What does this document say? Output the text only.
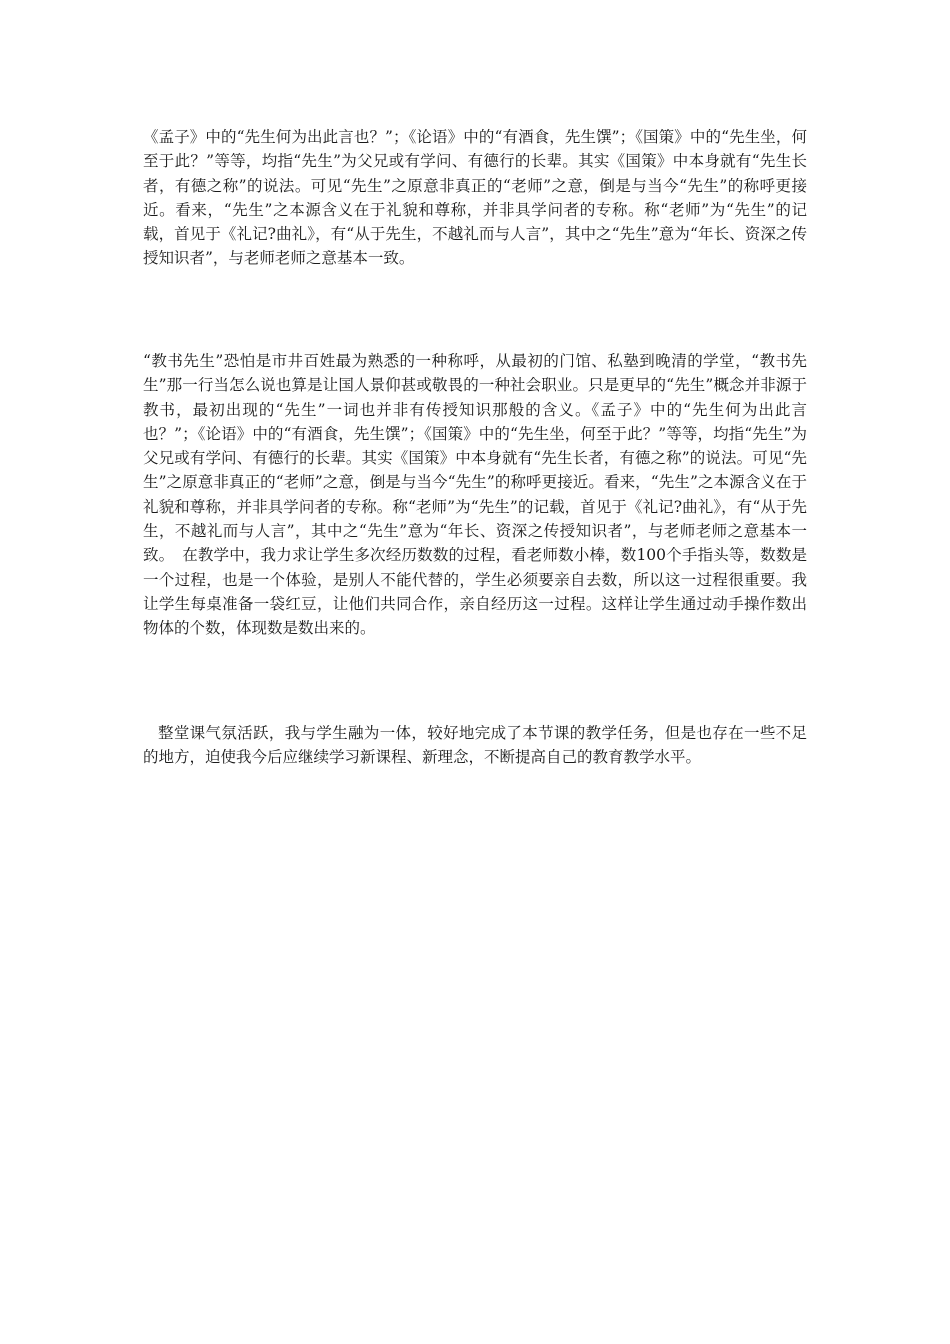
《孟子》中的“先生何为出此言也？”；《论语》中的“有酒食，先生馔”；《国策》中的“先生坐，何至于此？”等等，均指“先生”为父兄或有学问、有德行的长辈。其实《国策》中本身就有“先生长者，有德之称”的说法。可见“先生”之原意非真正的“老师”之意，倒是与当今“先生”的称呼更接近。看来，“先生”之本源含义在于礼貌和尊称，并非具学问者的专称。称“老师”为“先生”的记载，首见于《礼记?曲礼》，有“从于先生，不越礼而与人言”，其中之“先生”意为“年长、资深之传授知识者”，与老师老师之意基本一致。

“教书先生”恐怕是市井百姓最为熟悉的一种称呼，从最初的门馆、私塾到晚清的学堂，“教书先生”那一行当怎么说也算是让国人景仰甚或敬畏的一种社会职业。只是更早的“先生”概念并非源于教书，最初出现的“先生”一词也并非有传授知识那般的含义。《孟子》中的“先生何为出此言也？”；《论语》中的“有酒食，先生馔”；《国策》中的“先生坐，何至于此？”等等，均指“先生”为父兄或有学问、有德行的长辈。其实《国策》中本身就有“先生长者，有德之称”的说法。可见“先生”之原意非真正的“老师”之意，倒是与当今“先生”的称呼更接近。看来，“先生”之本源含义在于礼貌和尊称，并非具学问者的专称。称“老师”为“先生”的记载，首见于《礼记?曲礼》，有“从于先生，不越礼而与人言”，其中之“先生”意为“年长、资深之传授知识者”，与老师老师之意基本一致。　在教学中，我力求让学生多次经历数数的过程，看老师数小棒，数100个手指头等，数数是一个过程，也是一个体验，是别人不能代替的，学生必须要亲自去数，所以这一过程很重要。我让学生每桌准备一袋红豆，让他们共同合作，亲自经历这一过程。这样让学生通过动手操作数出物体的个数，体现数是数出来的。

整堂课气氛活跃，我与学生融为一体，较好地完成了本节课的教学任务，但是也存在一些不足的地方，迫使我今后应继续学习新课程、新理念，不断提高自己的教育教学水平。
